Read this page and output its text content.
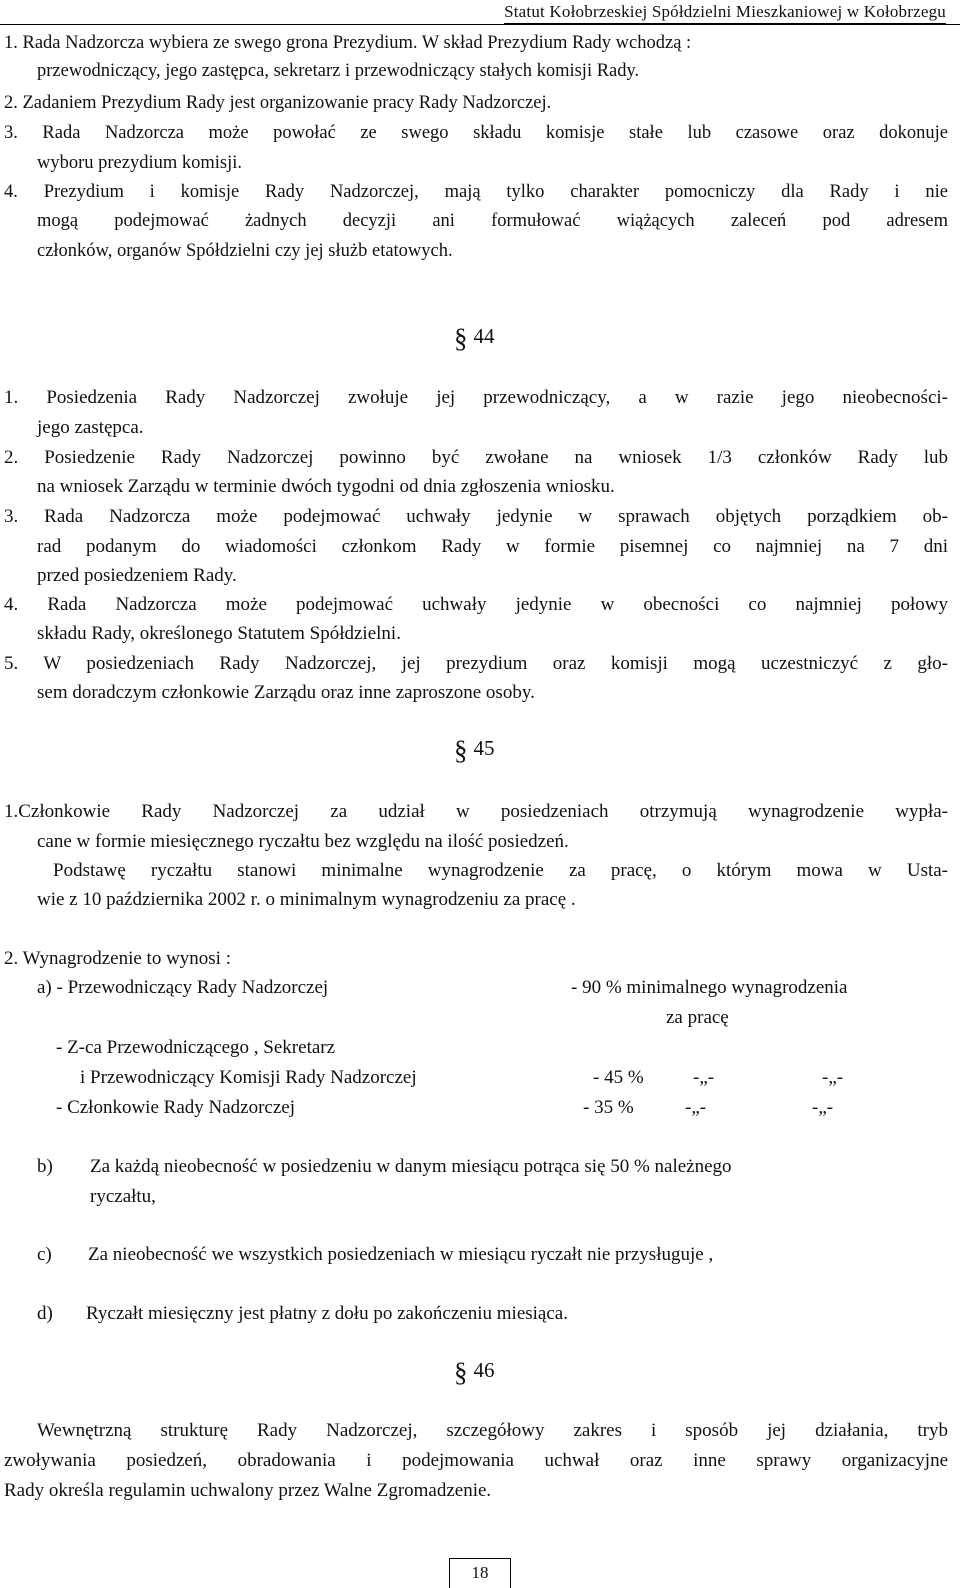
Statut Kołobrzeskiej Spółdzielni Mieszkaniowej w Kołobrzegu
1. Rada Nadzorcza wybiera ze swego grona Prezydium. W skład Prezydium Rady wchodzą :
przewodniczący, jego zastępca, sekretarz i przewodniczący stałych komisji Rady.
2. Zadaniem Prezydium Rady jest organizowanie pracy Rady Nadzorczej.
3. Rada Nadzorcza może powołać ze swego składu komisje stałe lub czasowe oraz dokonuje
wyboru prezydium komisji.
4. Prezydium i komisje Rady Nadzorczej, mają tylko charakter pomocniczy dla Rady i nie
mogą podejmować żadnych decyzji ani formułować wiążących zaleceń pod adresem
członków, organów Spółdzielni czy jej służb etatowych.
§ 44
1. Posiedzenia Rady Nadzorczej zwołuje jej przewodniczący, a w razie jego nieobecności-
jego zastępca.
2. Posiedzenie Rady Nadzorczej powinno być zwołane na wniosek 1/3 członków Rady lub
na wniosek Zarządu w terminie dwóch tygodni od dnia zgłoszenia wniosku.
3. Rada Nadzorcza może podejmować uchwały jedynie w sprawach objętych porządkiem ob-
rad podanym do wiadomości członkom Rady w formie pisemnej co najmniej na 7 dni
przed posiedzeniem Rady.
4. Rada Nadzorcza może podejmować uchwały jedynie w obecności co najmniej połowy
składu Rady, określonego Statutem Spółdzielni.
5. W posiedzeniach Rady Nadzorczej, jej prezydium oraz komisji mogą uczestniczyć z gło-
sem doradczym członkowie Zarządu oraz inne zaproszone osoby.
§ 45
1.Członkowie Rady Nadzorczej za udział w posiedzeniach otrzymują wynagrodzenie wypła-
cane w formie miesięcznego ryczałtu bez względu na ilość posiedzeń.
Podstawę ryczałtu stanowi minimalne wynagrodzenie za pracę, o którym mowa w Usta-
wie z 10 października 2002 r. o minimalnym wynagrodzeniu za pracę .
2. Wynagrodzenie to wynosi :
a) - Przewodniczący Rady Nadzorczej	- 90 % minimalnego wynagrodzenia
za pracę
- Z-ca Przewodniczącego , Sekretarz
i Przewodniczący Komisji Rady Nadzorczej	- 45 %	-„-	-„-
- Członkowie Rady Nadzorczej	- 35 %	-„-	-„-
b) Za każdą nieobecność w posiedzeniu w danym miesiącu potrąca się 50 % należnego
ryczałtu,
c) Za nieobecność we wszystkich posiedzeniach w miesiącu ryczałt nie przysługuje ,
d) Ryczałt miesięczny jest płatny z dołu po zakończeniu miesiąca.
§ 46
Wewnętrzną strukturę Rady Nadzorczej, szczegółowy zakres i sposób jej działania, tryb
zwoływania posiedzeń, obradowania i podejmowania uchwał oraz inne sprawy organizacyjne
Rady określa regulamin uchwalony przez Walne Zgromadzenie.
18
